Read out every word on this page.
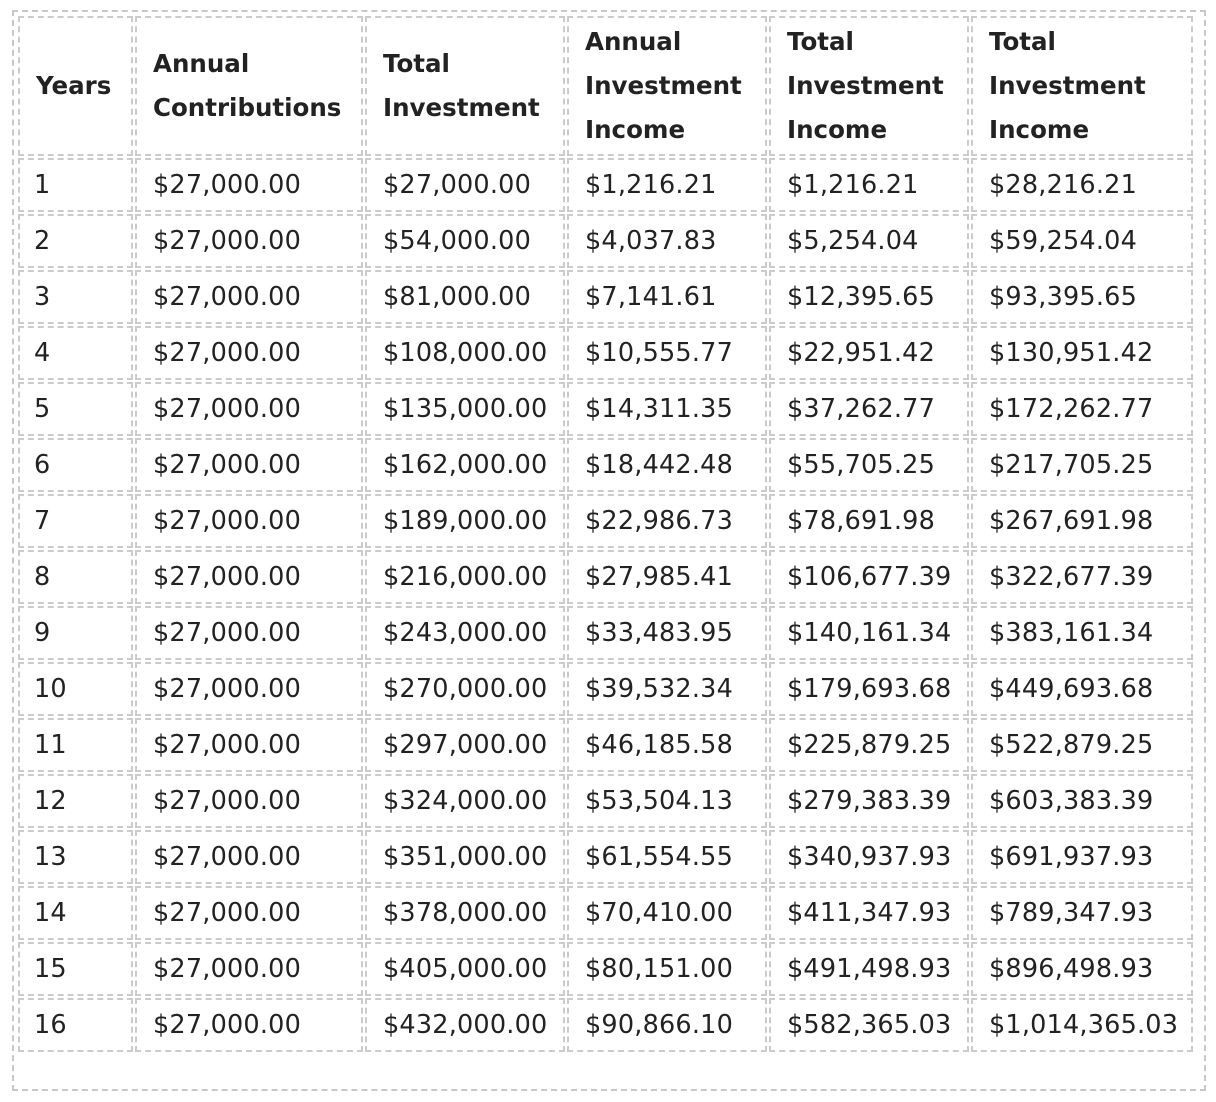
Years	Annual Contributions	Total Investment	Annual Investment Income	Total Investment Income	Total Investment Income
1	$27,000.00	$27,000.00	$1,216.21	$1,216.21	$28,216.21
2	$27,000.00	$54,000.00	$4,037.83	$5,254.04	$59,254.04
3	$27,000.00	$81,000.00	$7,141.61	$12,395.65	$93,395.65
4	$27,000.00	$108,000.00	$10,555.77	$22,951.42	$130,951.42
5	$27,000.00	$135,000.00	$14,311.35	$37,262.77	$172,262.77
6	$27,000.00	$162,000.00	$18,442.48	$55,705.25	$217,705.25
7	$27,000.00	$189,000.00	$22,986.73	$78,691.98	$267,691.98
8	$27,000.00	$216,000.00	$27,985.41	$106,677.39	$322,677.39
9	$27,000.00	$243,000.00	$33,483.95	$140,161.34	$383,161.34
10	$27,000.00	$270,000.00	$39,532.34	$179,693.68	$449,693.68
11	$27,000.00	$297,000.00	$46,185.58	$225,879.25	$522,879.25
12	$27,000.00	$324,000.00	$53,504.13	$279,383.39	$603,383.39
13	$27,000.00	$351,000.00	$61,554.55	$340,937.93	$691,937.93
14	$27,000.00	$378,000.00	$70,410.00	$411,347.93	$789,347.93
15	$27,000.00	$405,000.00	$80,151.00	$491,498.93	$896,498.93
16	$27,000.00	$432,000.00	$90,866.10	$582,365.03	$1,014,365.03
